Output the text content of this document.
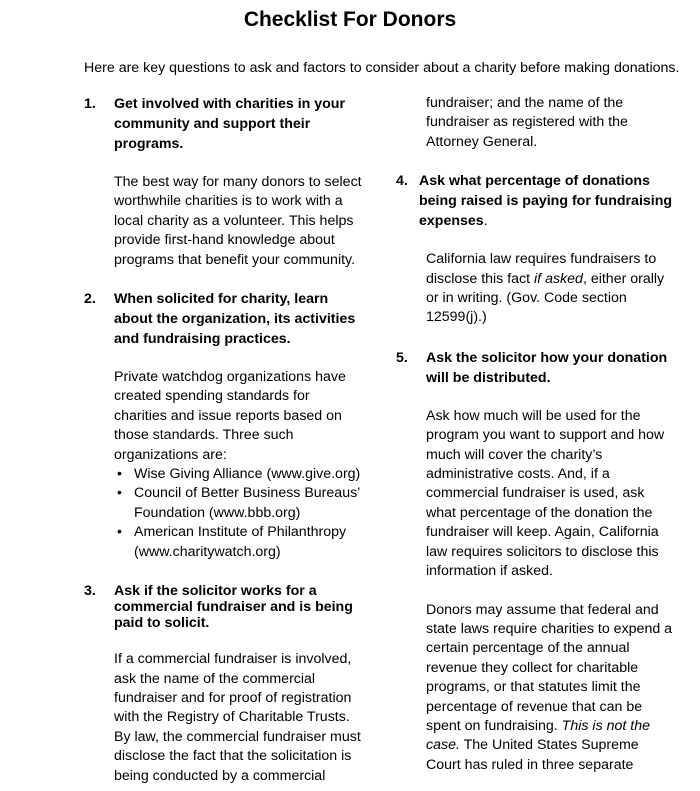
Checklist For Donors

Here are key questions to ask and factors to consider about a charity before making donations.

1. Get involved with charities in your community and support their programs.

The best way for many donors to select worthwhile charities is to work with a local charity as a volunteer. This helps provide first-hand knowledge about programs that benefit your community.

2. When solicited for charity, learn about the organization, its activities and fundraising practices.

Private watchdog organizations have created spending standards for charities and issue reports based on those standards. Three such organizations are:

• Wise Giving Alliance (www.give.org)
• Council of Better Business Bureaus’ Foundation (www.bbb.org)
• American Institute of Philanthropy (www.charitywatch.org)
3. Ask if the solicitor works for a commercial fundraiser and is being paid to solicit.

If a commercial fundraiser is involved, ask the name of the commercial fundraiser and for proof of registration with the Registry of Charitable Trusts. By law, the commercial fundraiser must disclose the fact that the solicitation is being conducted by a commercial

fundraiser; and the name of the fundraiser as registered with the Attorney General.

4. Ask what percentage of donations being raised is paying for fundraising expenses.

California law requires fundraisers to disclose this fact if asked, either orally or in writing. (Gov. Code section 12599(j).)

5. Ask the solicitor how your donation will be distributed.

Ask how much will be used for the program you want to support and how much will cover the charity’s administrative costs. And, if a commercial fundraiser is used, ask what percentage of the donation the fundraiser will keep. Again, California law requires solicitors to disclose this information if asked.

Donors may assume that federal and state laws require charities to expend a certain percentage of the annual revenue they collect for charitable programs, or that statutes limit the percentage of revenue that can be spent on fundraising. This is not the case. The United States Supreme Court has ruled in three separate
